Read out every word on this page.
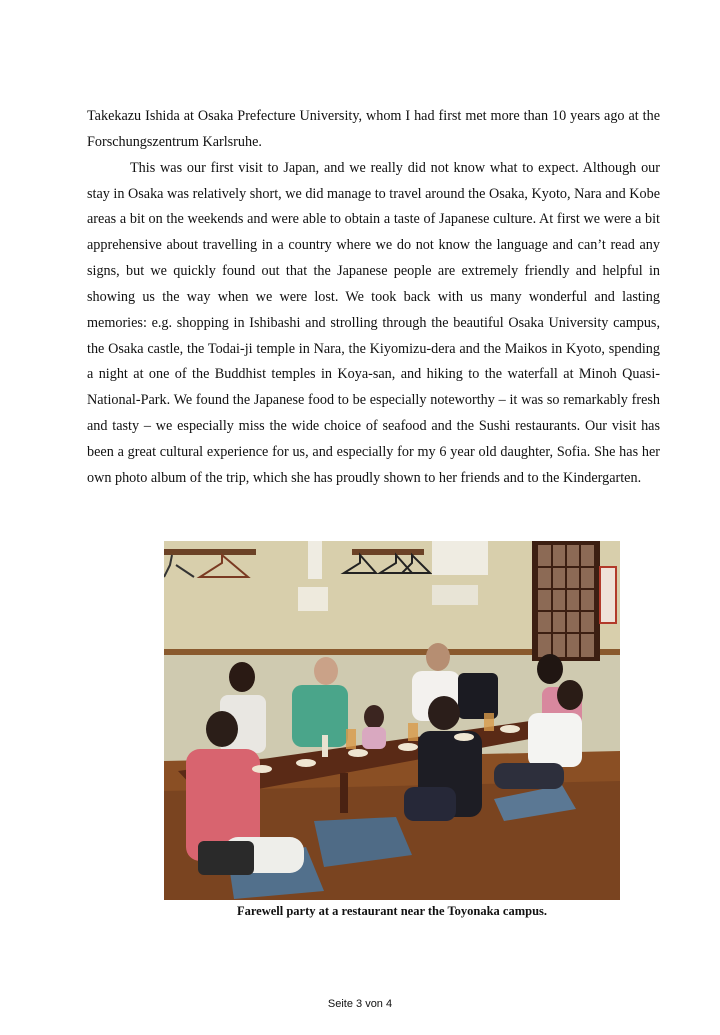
Takekazu Ishida at Osaka Prefecture University, whom I had first met more than 10 years ago at the Forschungszentrum Karlsruhe.

This was our first visit to Japan, and we really did not know what to expect. Although our stay in Osaka was relatively short, we did manage to travel around the Osaka, Kyoto, Nara and Kobe areas a bit on the weekends and were able to obtain a taste of Japanese culture. At first we were a bit apprehensive about travelling in a country where we do not know the language and can’t read any signs, but we quickly found out that the Japanese people are extremely friendly and helpful in showing us the way when we were lost. We took back with us many wonderful and lasting memories: e.g. shopping in Ishibashi and strolling through the beautiful Osaka University campus, the Osaka castle, the Todai-ji temple in Nara, the Kiyomizu-dera and the Maikos in Kyoto, spending a night at one of the Buddhist temples in Koya-san, and hiking to the waterfall at Minoh Quasi-National-Park. We found the Japanese food to be especially noteworthy – it was so remarkably fresh and tasty – we especially miss the wide choice of seafood and the Sushi restaurants. Our visit has been a great cultural experience for us, and especially for my 6 year old daughter, Sofia. She has her own photo album of the trip, which she has proudly shown to her friends and to the Kindergarten.

Farewell party at a restaurant near the Toyonaka campus.
Seite 3 von 4
